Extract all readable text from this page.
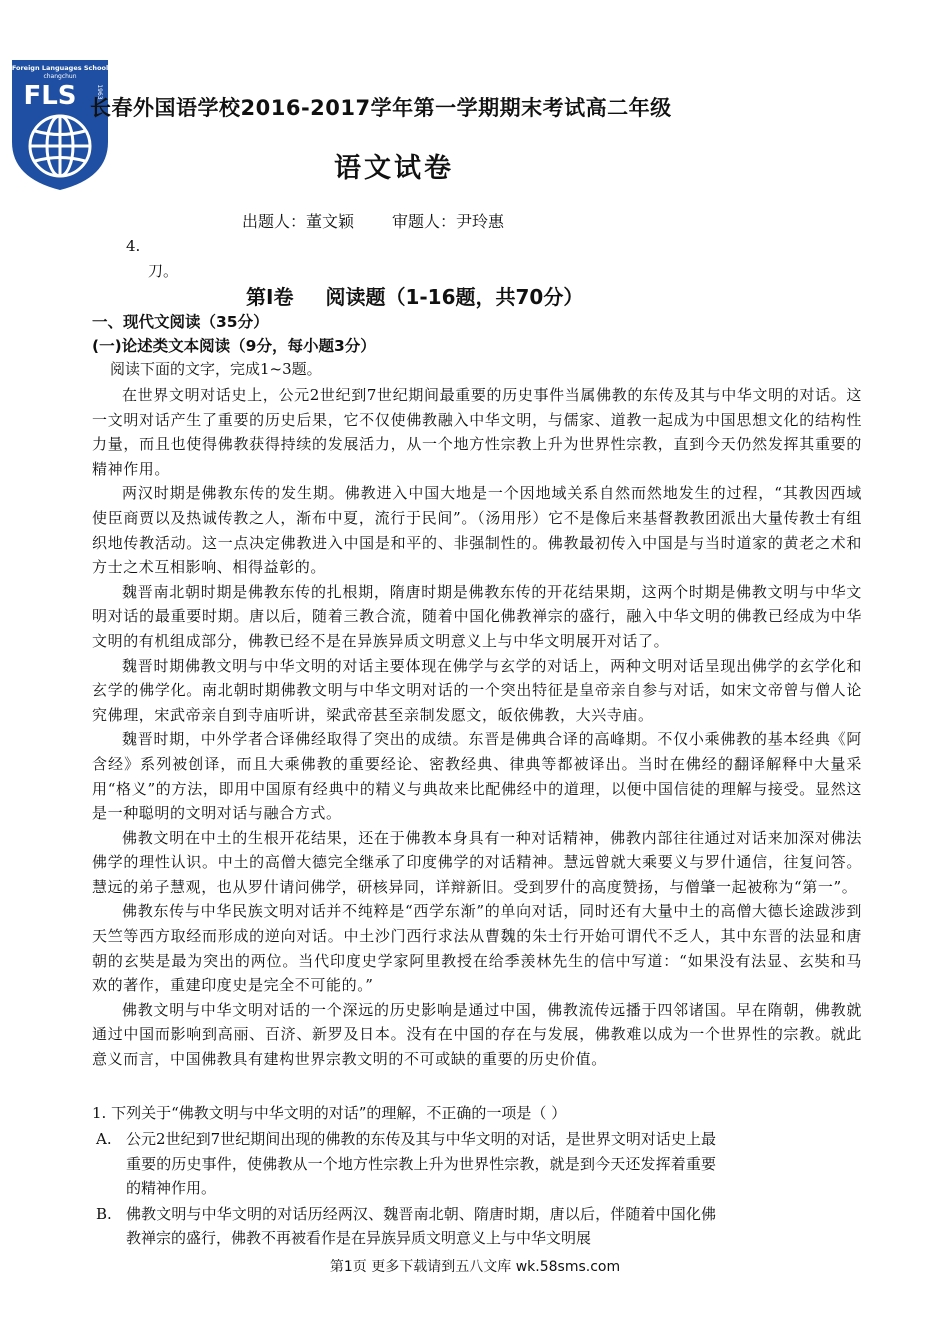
Foreign Languages School
changchun
FLS	1963
长春外国语学校2016-2017学年第一学期期末考试高二年级
语文试卷
出题人：董文颖 审题人：尹玲惠
4.
刀。
第Ⅰ卷 阅读题（1-16题，共70分）
一、现代文阅读（35分）
(一)论述类文本阅读（9分，每小题3分）
阅读下面的文字，完成1~3题。

在世界文明对话史上，公元2世纪到7世纪期间最重要的历史事件当属佛教的东传及其与中华文明的对话。这一文明对话产生了重要的历史后果，它不仅使佛教融入中华文明，与儒家、道教一起成为中国思想文化的结构性力量，而且也使得佛教获得持续的发展活力，从一个地方性宗教上升为世界性宗教，直到今天仍然发挥其重要的精神作用。

两汉时期是佛教东传的发生期。佛教进入中国大地是一个因地域关系自然而然地发生的过程，“其教因西域使臣商贾以及热诚传教之人，渐布中夏，流行于民间”。（汤用彤）它不是像后来基督教教团派出大量传教士有组织地传教活动。这一点决定佛教进入中国是和平的、非强制性的。佛教最初传入中国是与当时道家的黄老之术和方士之术互相影响、相得益彰的。

魏晋南北朝时期是佛教东传的扎根期，隋唐时期是佛教东传的开花结果期，这两个时期是佛教文明与中华文明对话的最重要时期。唐以后，随着三教合流，随着中国化佛教禅宗的盛行，融入中华文明的佛教已经成为中华文明的有机组成部分，佛教已经不是在异族异质文明意义上与中华文明展开对话了。

魏晋时期佛教文明与中华文明的对话主要体现在佛学与玄学的对话上，两种文明对话呈现出佛学的玄学化和玄学的佛学化。南北朝时期佛教文明与中华文明对话的一个突出特征是皇帝亲自参与对话，如宋文帝曾与僧人论究佛理，宋武帝亲自到寺庙听讲，梁武帝甚至亲制发愿文，皈依佛教，大兴寺庙。

魏晋时期，中外学者合译佛经取得了突出的成绩。东晋是佛典合译的高峰期。不仅小乘佛教的基本经典《阿含经》系列被创译，而且大乘佛教的重要经论、密教经典、律典等都被译出。当时在佛经的翻译解释中大量采用“格义”的方法，即用中国原有经典中的精义与典故来比配佛经中的道理，以便中国信徒的理解与接受。显然这是一种聪明的文明对话与融合方式。

佛教文明在中土的生根开花结果，还在于佛教本身具有一种对话精神，佛教内部往往通过对话来加深对佛法佛学的理性认识。中土的高僧大德完全继承了印度佛学的对话精神。慧远曾就大乘要义与罗什通信，往复问答。慧远的弟子慧观，也从罗什请问佛学，研核异同，详辩新旧。受到罗什的高度赞扬，与僧肇一起被称为“第一”。

佛教东传与中华民族文明对话并不纯粹是“西学东渐”的单向对话，同时还有大量中土的高僧大德长途跋涉到天竺等西方取经而形成的逆向对话。中土沙门西行求法从曹魏的朱士行开始可谓代不乏人，其中东晋的法显和唐朝的玄奘是最为突出的两位。当代印度史学家阿里教授在给季羡林先生的信中写道：“如果没有法显、玄奘和马欢的著作，重建印度史是完全不可能的。”

佛教文明与中华文明对话的一个深远的历史影响是通过中国，佛教流传远播于四邻诸国。早在隋朝，佛教就通过中国而影响到高丽、百济、新罗及日本。没有在中国的存在与发展，佛教难以成为一个世界性的宗教。就此意义而言，中国佛教具有建构世界宗教文明的不可或缺的重要的历史价值。

1. 下列关于“佛教文明与中华文明的对话”的理解，不正确的一项是（ ）
A. 公元2世纪到7世纪期间出现的佛教的东传及其与中华文明的对话，是世界文明对话史上最重要的历史事件，使佛教从一个地方性宗教上升为世界性宗教，就是到今天还发挥着重要的精神作用。
B. 佛教文明与中华文明的对话历经两汉、魏晋南北朝、隋唐时期，唐以后，伴随着中国化佛教禅宗的盛行，佛教不再被看作是在异族异质文明意义上与中华文明展
第1页 更多下载请到五八文库 wk.58sms.com
